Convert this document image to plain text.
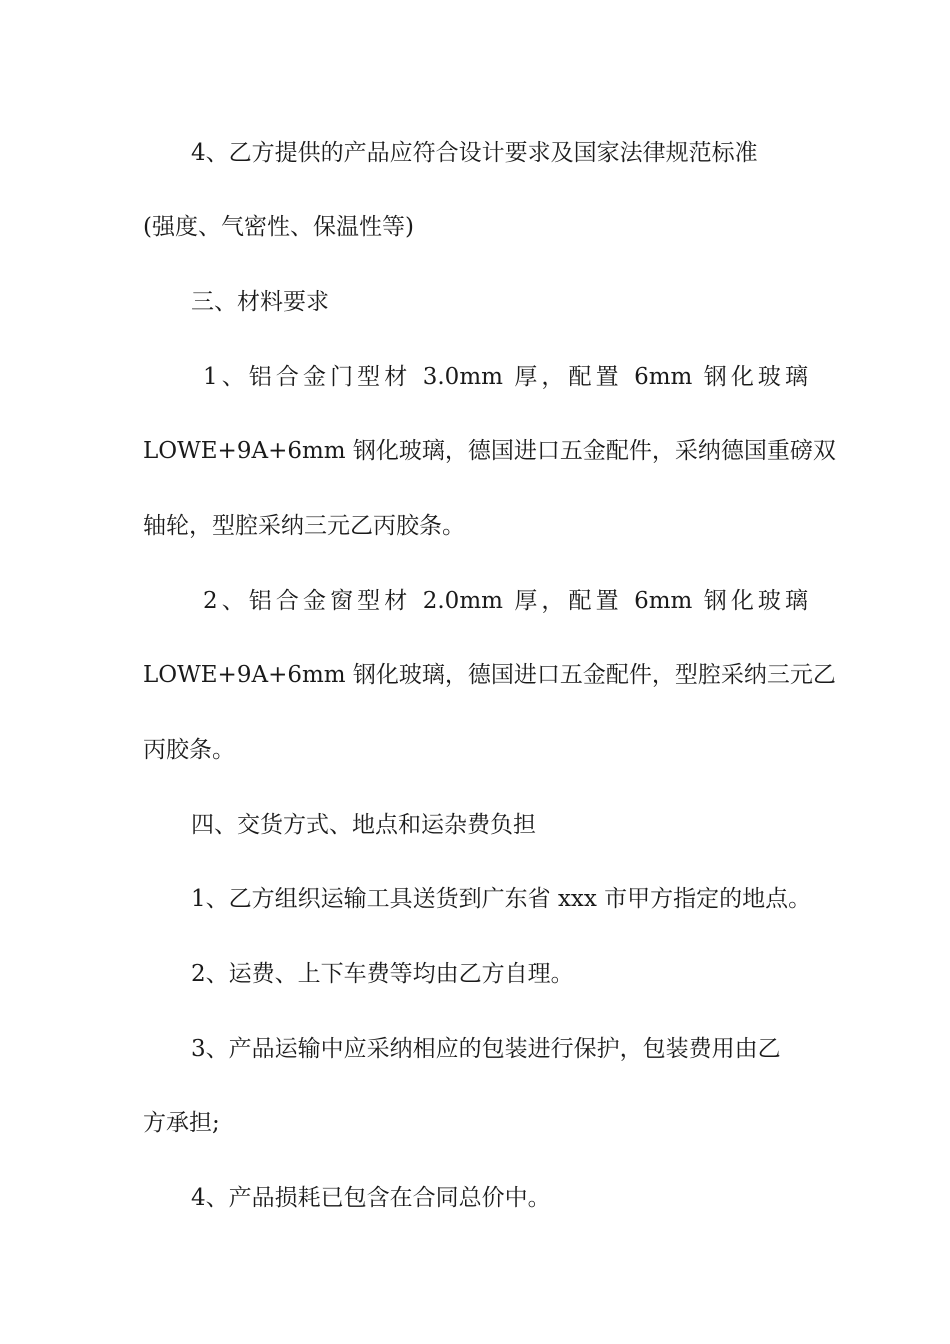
4、乙方提供的产品应符合设计要求及国家法律规范标准
(强度、气密性、保温性等)
三、材料要求
1、铝合金门型材 3.0mm 厚，配置 6mm 钢化玻璃
LOWE+9A+6mm 钢化玻璃，德国进口五金配件，采纳德国重磅双
轴轮，型腔采纳三元乙丙胶条。
2、铝合金窗型材 2.0mm 厚，配置 6mm 钢化玻璃
LOWE+9A+6mm 钢化玻璃，德国进口五金配件，型腔采纳三元乙
丙胶条。
四、交货方式、地点和运杂费负担
1、乙方组织运输工具送货到广东省 xxx 市甲方指定的地点。
2、运费、上下车费等均由乙方自理。
3、产品运输中应采纳相应的包装进行保护，包装费用由乙
方承担;
4、产品损耗已包含在合同总价中。
